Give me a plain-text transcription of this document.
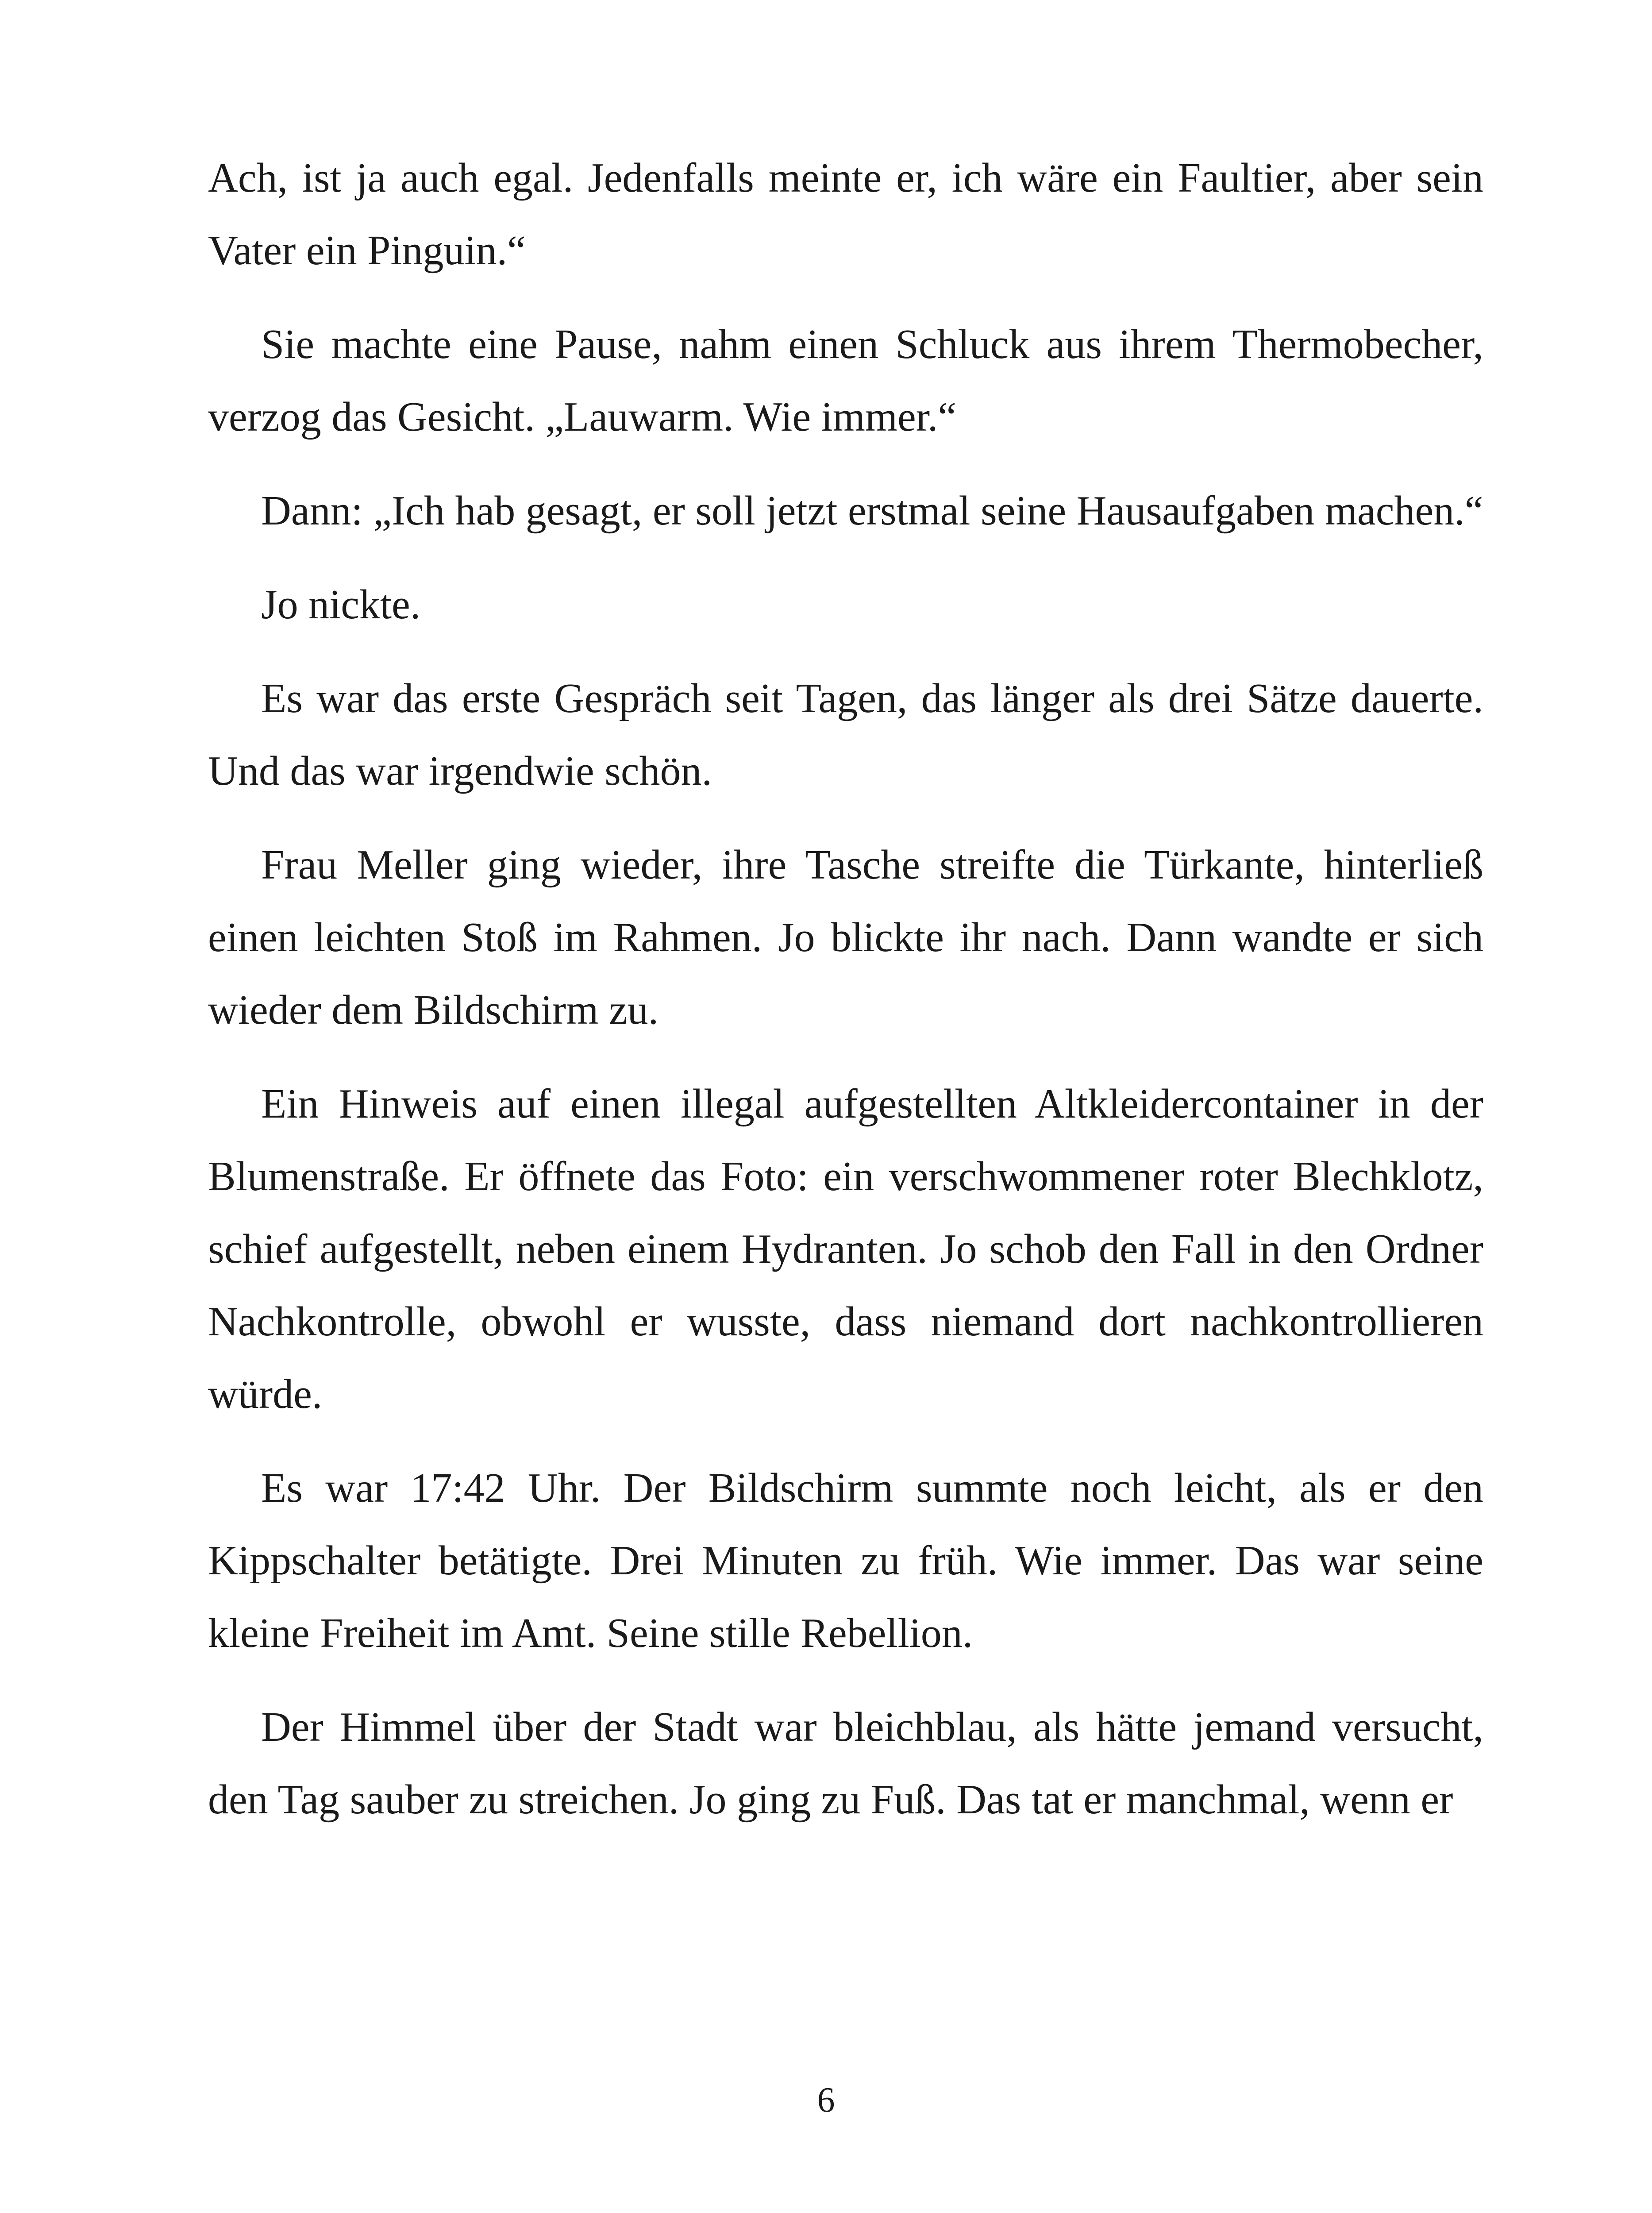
Ach, ist ja auch egal. Jedenfalls meinte er, ich wäre ein Faultier, aber sein Vater ein Pinguin.“

Sie machte eine Pause, nahm einen Schluck aus ihrem Thermobecher, verzog das Gesicht. „Lauwarm. Wie immer.“

Dann: „Ich hab gesagt, er soll jetzt erstmal seine Hausaufgaben machen.“

Jo nickte.

Es war das erste Gespräch seit Tagen, das länger als drei Sätze dauerte. Und das war irgendwie schön.

Frau Meller ging wieder, ihre Tasche streifte die Türkante, hinterließ einen leichten Stoß im Rahmen. Jo blickte ihr nach. Dann wandte er sich wieder dem Bildschirm zu.

Ein Hinweis auf einen illegal aufgestellten Altkleidercontainer in der Blumenstraße. Er öffnete das Foto: ein verschwommener roter Blechklotz, schief aufgestellt, neben einem Hydranten. Jo schob den Fall in den Ordner Nachkontrolle, obwohl er wusste, dass niemand dort nachkontrollieren würde.

Es war 17:42 Uhr. Der Bildschirm summte noch leicht, als er den Kippschalter betätigte. Drei Minuten zu früh. Wie immer. Das war seine kleine Freiheit im Amt. Seine stille Rebellion.

Der Himmel über der Stadt war bleichblau, als hätte jemand versucht, den Tag sauber zu streichen. Jo ging zu Fuß. Das tat er manchmal, wenn er

6
